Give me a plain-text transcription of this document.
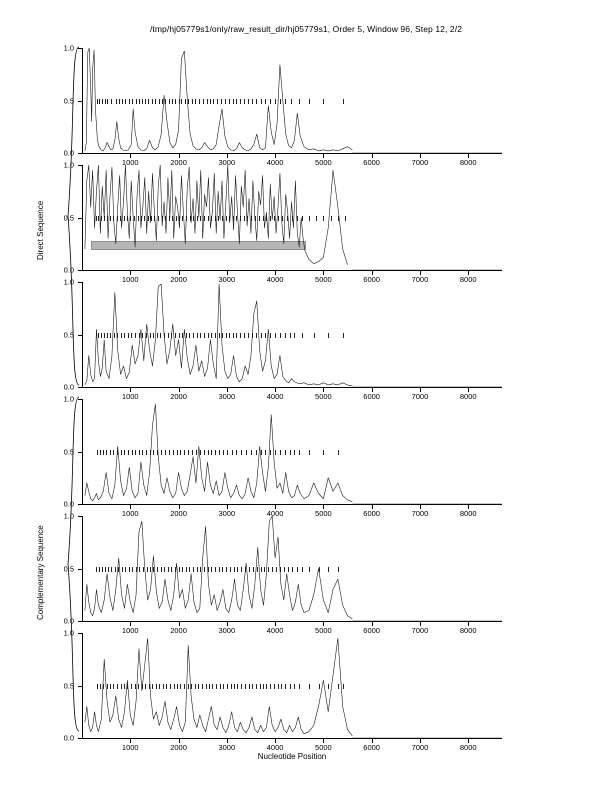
/tmp/hj05779s1/only/raw_result_dir/hj05779s1, Order 5, Window 96, Step 12, 2/2
Direct Sequence
Complementary Sequence
Nucleotide Position
0.0
0.5
1.0
1000	2000	3000	4000	5000	6000	7000	8000
0.0
0.5
1.0
1000	2000	3000	4000	5000	6000	7000	8000
0.0
0.5
1.0
1000	2000	3000	4000	5000	6000	7000	8000
0.0
0.5
1.0
1000	2000	3000	4000	5000	6000	7000	8000
0.0
0.5
1.0
1000	2000	3000	4000	5000	6000	7000	8000
0.0
0.5
1.0
1000	2000	3000	4000	5000	6000	7000	8000
